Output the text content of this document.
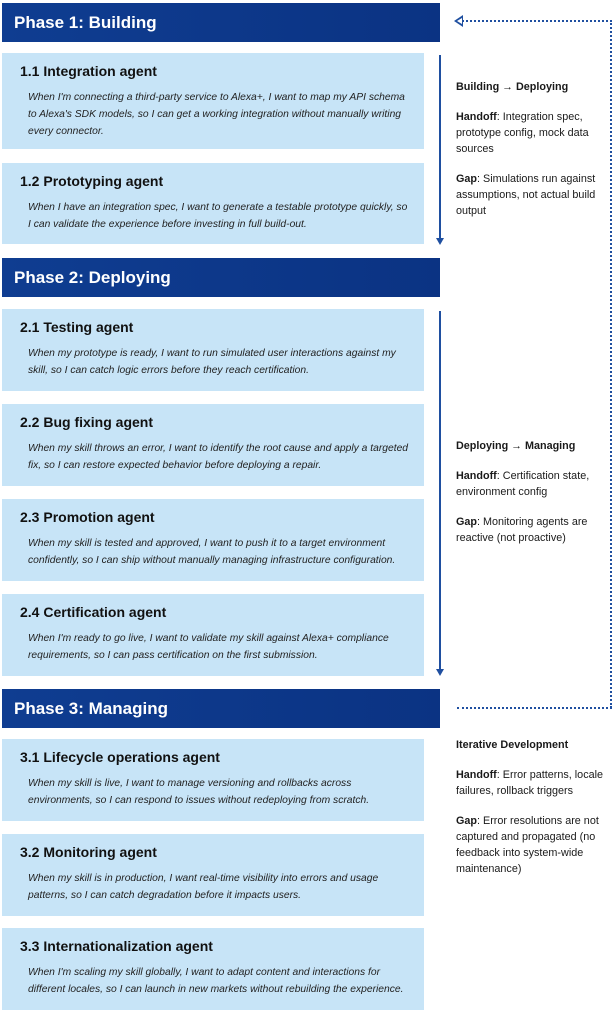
Phase 1: Building
1.1 Integration agent
When I'm connecting a third-party service to Alexa+, I want to map my API schema to Alexa's SDK models, so I can get a working integration without manually writing every connector.
1.2 Prototyping agent
When I have an integration spec, I want to generate a testable prototype quickly, so I can validate the experience before investing in full build-out.
Phase 2: Deploying
2.1 Testing agent
When my prototype is ready, I want to run simulated user interactions against my skill, so I can catch logic errors before they reach certification.
2.2 Bug fixing agent
When my skill throws an error, I want to identify the root cause and apply a targeted fix, so I can restore expected behavior before deploying a repair.
2.3 Promotion agent
When my skill is tested and approved, I want to push it to a target environment confidently, so I can ship without manually managing infrastructure configuration.
2.4 Certification agent
When I'm ready to go live, I want to validate my skill against Alexa+ compliance requirements, so I can pass certification on the first submission.
Phase 3: Managing
3.1 Lifecycle operations agent
When my skill is live, I want to manage versioning and rollbacks across environments, so I can respond to issues without redeploying from scratch.
3.2 Monitoring agent
When my skill is in production, I want real-time visibility into errors and usage patterns, so I can catch degradation before it impacts users.
3.3 Internationalization agent
When I'm scaling my skill globally, I want to adapt content and interactions for different locales, so I can launch in new markets without rebuilding the experience.
Building → Deploying
Handoff: Integration spec, prototype config, mock data sources
Gap: Simulations run against assumptions, not actual build output
Deploying → Managing
Handoff: Certification state, environment config
Gap: Monitoring agents are reactive (not proactive)
Iterative Development
Handoff: Error patterns, locale failures, rollback triggers
Gap: Error resolutions are not captured and propagated (no feedback into system-wide maintenance)
